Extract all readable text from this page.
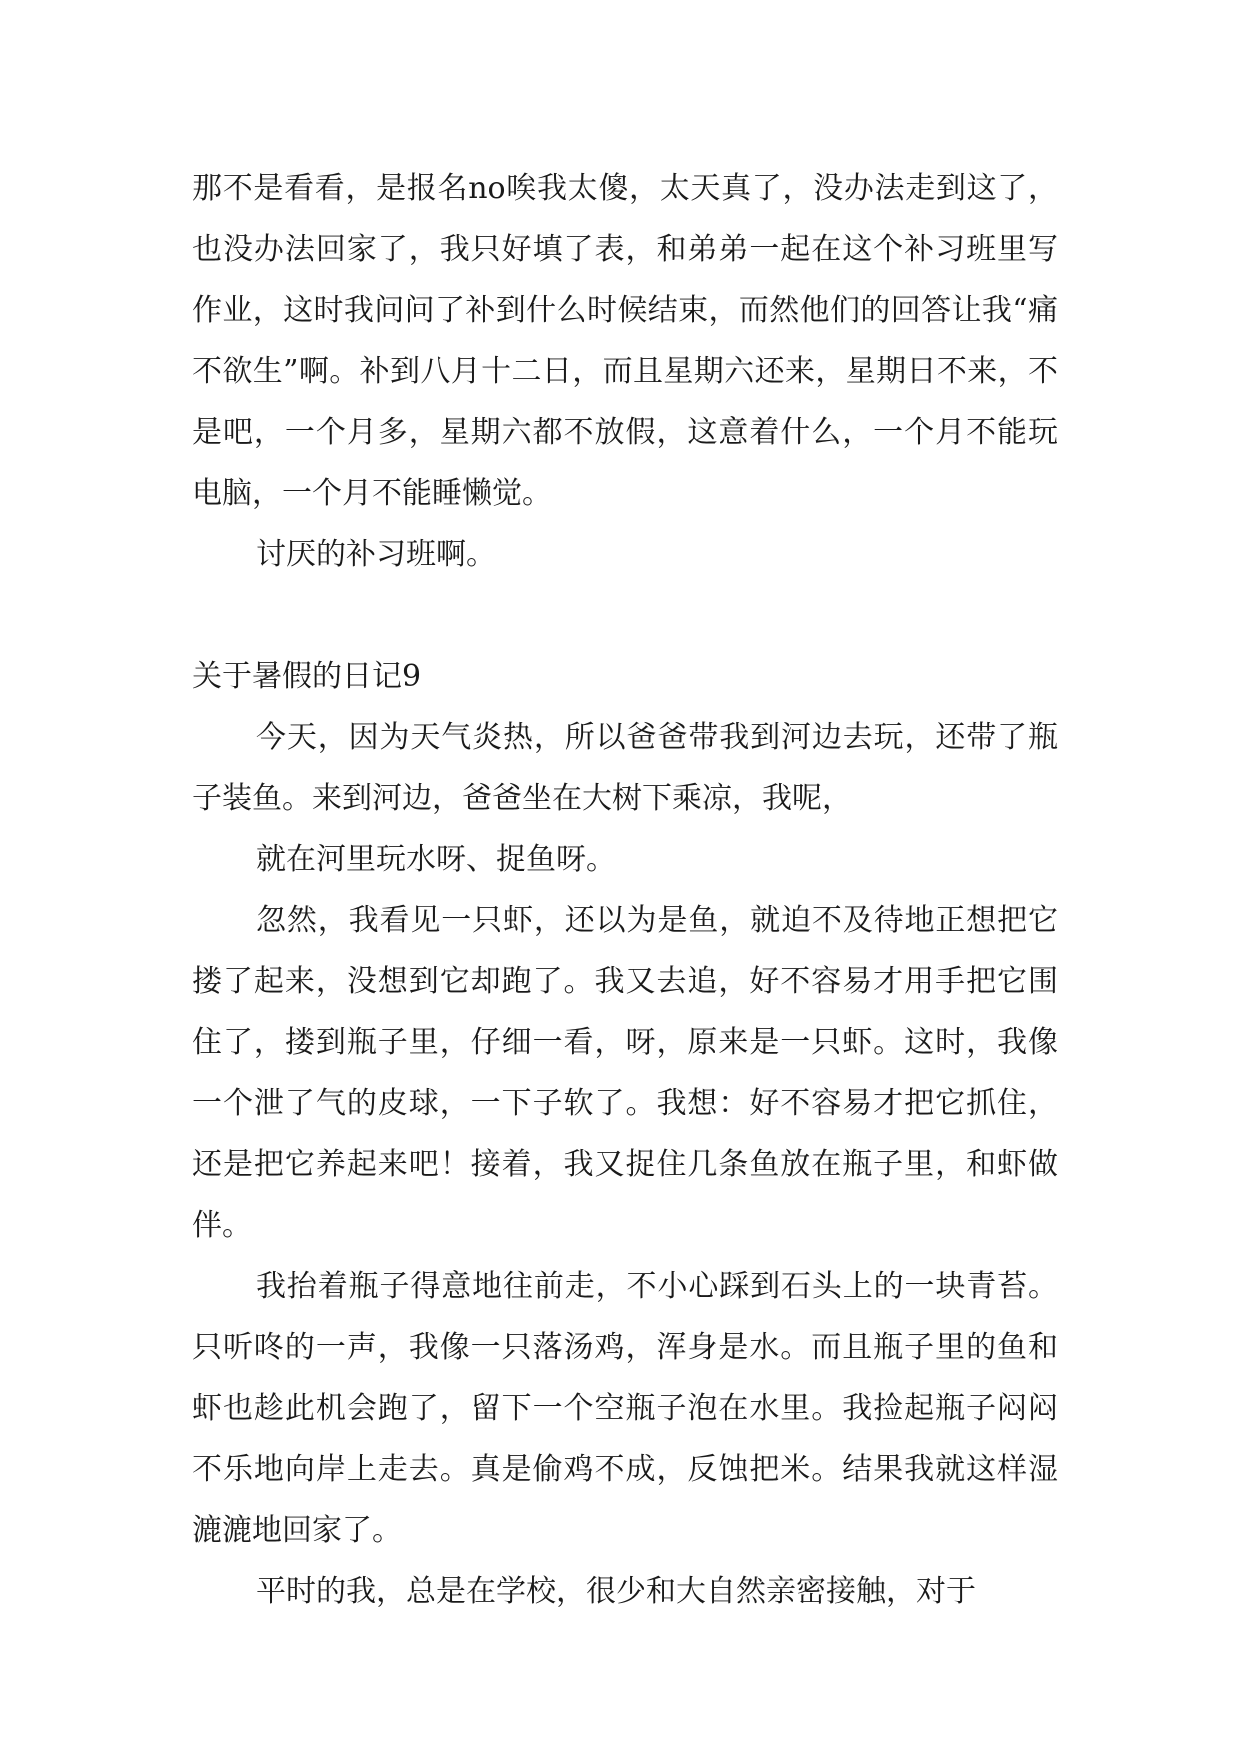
那不是看看，是报名no唉我太傻，太天真了，没办法走到这了，也没办法回家了，我只好填了表，和弟弟一起在这个补习班里写作业，这时我问问了补到什么时候结束，而然他们的回答让我“痛不欲生”啊。补到八月十二日，而且星期六还来，星期日不来，不是吧，一个月多，星期六都不放假，这意着什么，一个月不能玩电脑，一个月不能睡懒觉。

讨厌的补习班啊。

关于暑假的日记9

今天，因为天气炎热，所以爸爸带我到河边去玩，还带了瓶子装鱼。来到河边，爸爸坐在大树下乘凉，我呢，

就在河里玩水呀、捉鱼呀。

忽然，我看见一只虾，还以为是鱼，就迫不及待地正想把它搂了起来，没想到它却跑了。我又去追，好不容易才用手把它围住了，搂到瓶子里，仔细一看，呀，原来是一只虾。这时，我像一个泄了气的皮球，一下子软了。我想：好不容易才把它抓住，还是把它养起来吧！接着，我又捉住几条鱼放在瓶子里，和虾做伴。

我抬着瓶子得意地往前走，不小心踩到石头上的一块青苔。只听咚的一声，我像一只落汤鸡，浑身是水。而且瓶子里的鱼和虾也趁此机会跑了，留下一个空瓶子泡在水里。我捡起瓶子闷闷不乐地向岸上走去。真是偷鸡不成，反蚀把米。结果我就这样湿漉漉地回家了。

平时的我，总是在学校，很少和大自然亲密接触，对于
